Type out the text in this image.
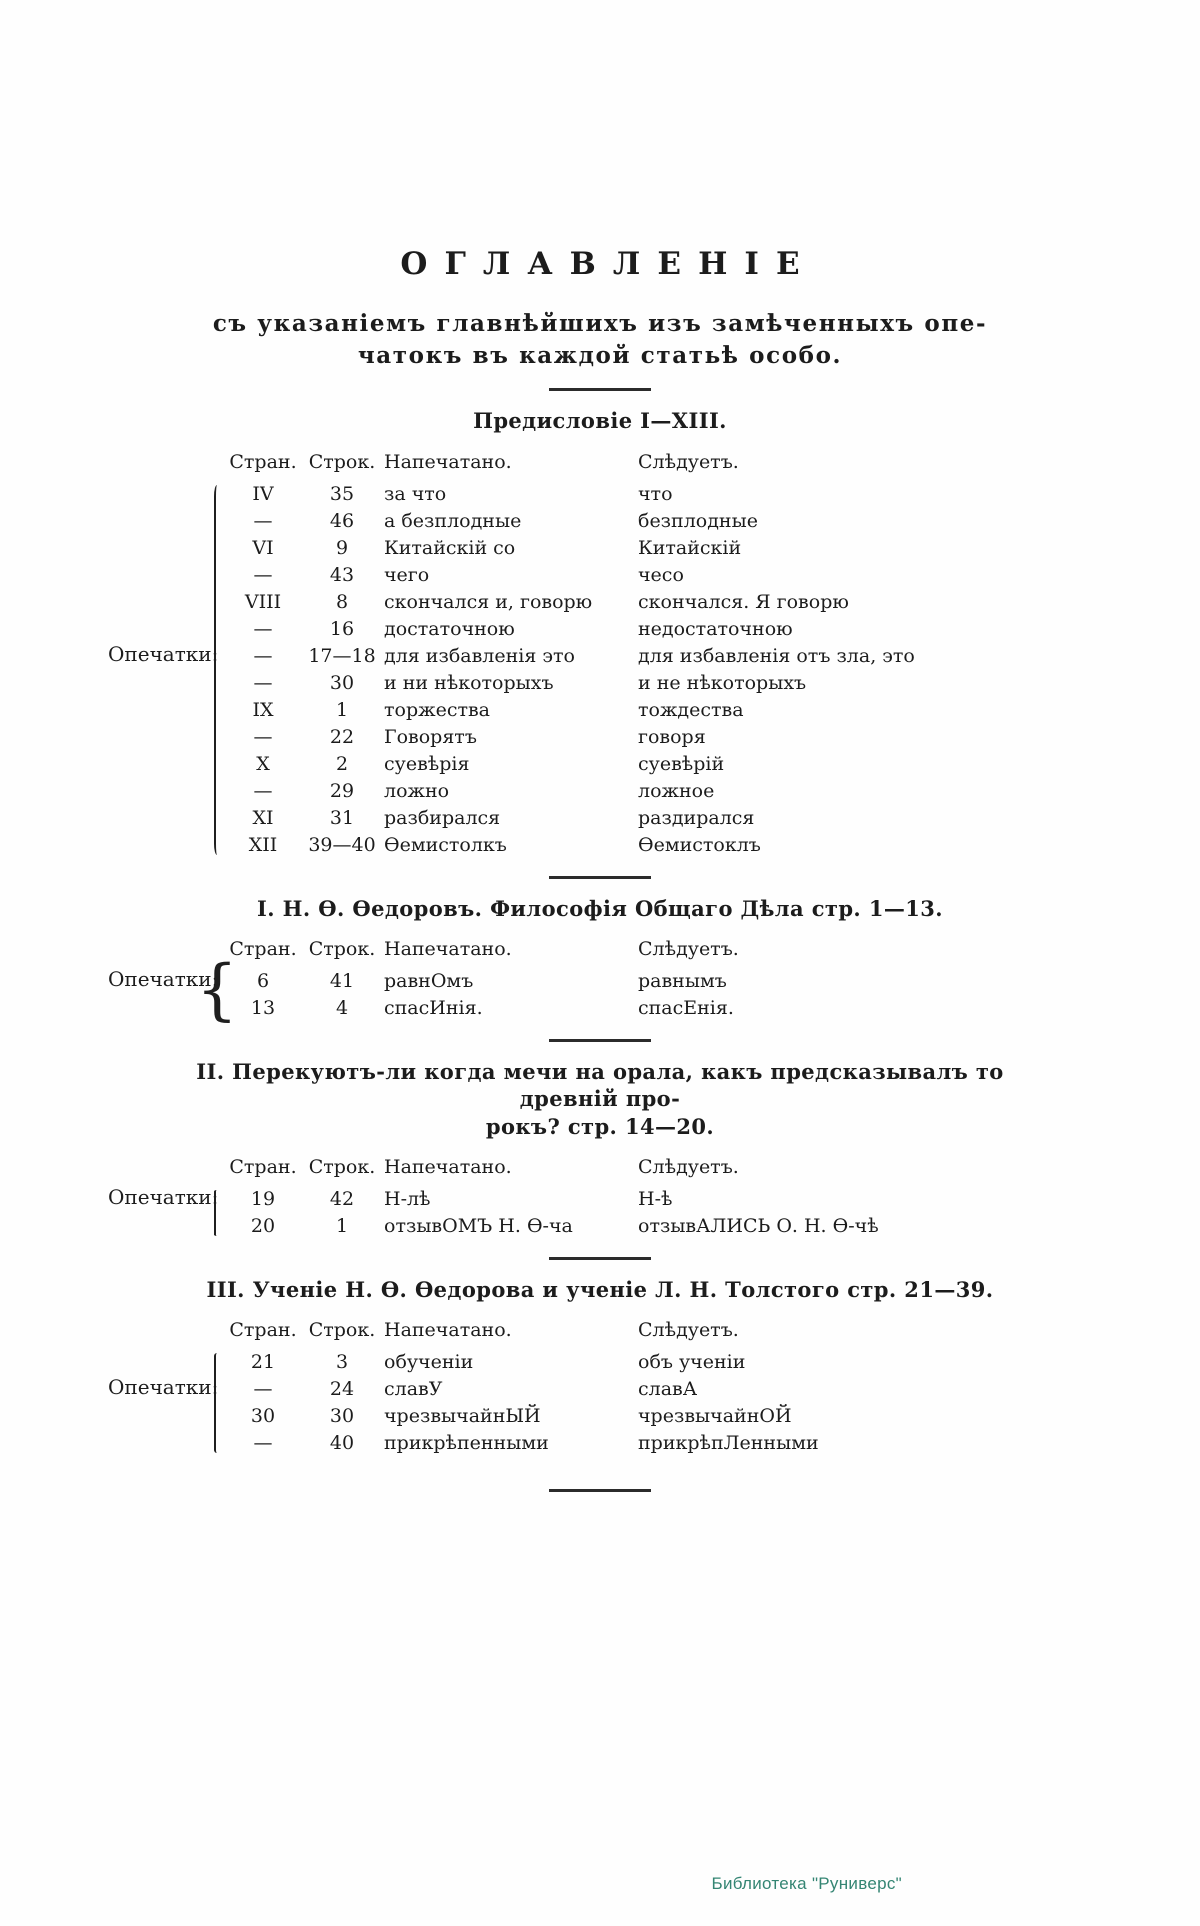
ОГЛАВЛЕНІЕ
съ указаніемъ главнѣйшихъ изъ замѣченныхъ опе-
чатокъ въ каждой статьѣ особо.
Предисловіе I—XIII.
Опечатки:
Стран.	Строк.	Напечатано.	Слѣдуетъ.
IV	35	за что	что
—	46	а безплодные	безплодные
VI	9	Китайскій со	Китайскій
—	43	чего	чесо
VIII	8	скончался и, говорю	скончался. Я говорю
—	16	достаточною	недостаточною
—	17—18	для избавленія это	для избавленія отъ зла, это
—	30	и ни нѣкоторыхъ	и не нѣкоторыхъ
IX	1	торжества	тождества
—	22	Говорятъ	говоря
X	2	суевѣрія	суевѣрій
—	29	ложно	ложное
XI	31	разбирался	раздирался
XII	39—40	Ѳемистолкъ	Ѳемистоклъ
I. Н. Ѳ. Ѳедоровъ. Философія Общаго Дѣла стр. 1—13.
Опечатки:
{
Стран.	Строк.	Напечатано.	Слѣдуетъ.
6	41	равнОмъ	равнымъ
13	4	спасИнія.	спасЕнія.
II. Перекуютъ-ли когда мечи на орала, какъ предсказывалъ то древній про-
рокъ? стр. 14—20.
Опечатки:
Стран.	Строк.	Напечатано.	Слѣдуетъ.
19	42	Н-лѣ	Н-ѣ
20	1	отзывОМЪ Н. Ѳ-ча	отзывАЛИСЬ О. Н. Ѳ-чѣ
III. Ученіе Н. Ѳ. Ѳедорова и ученіе Л. Н. Толстого стр. 21—39.
Опечатки:
Стран.	Строк.	Напечатано.	Слѣдуетъ.
21	3	обученіи	объ ученіи
—	24	славУ	славА
30	30	чрезвычайнЫЙ	чрезвычайнОЙ
—	40	прикрѣпенными	прикрѣпЛенными
Библиотека "Руниверс"
